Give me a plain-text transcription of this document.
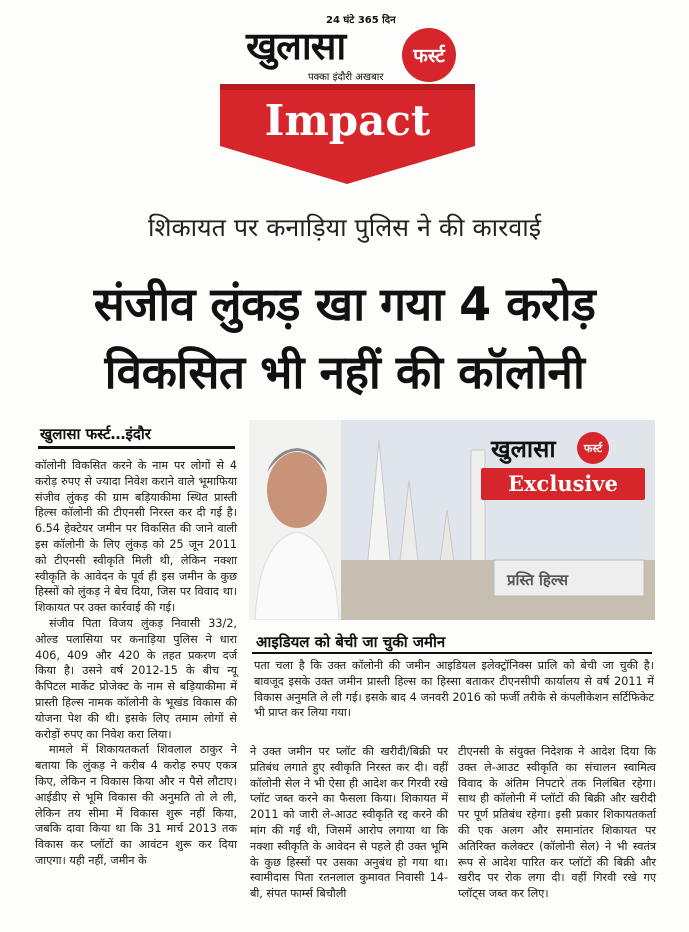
24 घंटे 365 दिन
खुलासा	फर्स्ट
पक्का इंदौरी अखबार
Impact
शिकायत पर कनाड़िया पुलिस ने की कारवाई
संजीव लुंकड़ खा गया 4 करोड़
विकसित भी नहीं की कॉलोनी
खुलासा फर्स्ट…इंदौर

कॉलोनी विकसित करने के नाम पर लोगों से 4 करोड़ रुपए से ज्यादा निवेश कराने वाले भूमाफिया संजीव लुंकड़ की ग्राम बड़ियाकीमा स्थित प्रास्ती हिल्स कॉलोनी की टीएनसी निरस्त कर दी गई है। 6.54 हेक्टेयर जमीन पर विकसित की जाने वाली इस कॉलोनी के लिए लुंकड़ को 25 जून 2011 को टीएनसी स्वीकृति मिली थी, लेकिन नक्शा स्वीकृति के आवेदन के पूर्व ही इस जमीन के कुछ हिस्सों को लुंकड़ ने बेच दिया, जिस पर विवाद था। शिकायत पर उक्त कार्रवाई की गई।

संजीव पिता विजय लुंकड़ निवासी 33/2, ओल्ड पलासिया पर कनाड़िया पुलिस ने धारा 406, 409 और 420 के तहत प्रकरण दर्ज किया है। उसने वर्ष 2012-15 के बीच न्यू कैपिटल मार्केट प्रोजेक्ट के नाम से बड़ियाकीमा में प्रास्ती हिल्स नामक कॉलोनी के भूखंड विकास की योजना पेश की थी। इसके लिए तमाम लोगों से करोड़ों रुपए का निवेश करा लिया।

मामले में शिकायतकर्ता शिवलाल ठाकुर ने बताया कि लुंकड़ ने करीब 4 करोड़ रुपए एकत्र किए, लेकिन न विकास किया और न पैसे लौटाए। आईडीए से भूमि विकास की अनुमति तो ले ली, लेकिन तय सीमा में विकास शुरू नहीं किया, जबकि दावा किया था कि 31 मार्च 2013 तक विकास कर प्लॉटों का आवंटन शुरू कर दिया जाएगा। यही नहीं, जमीन के

खुलासा	फर्स्ट
Exclusive
प्रस्ति हिल्स
आइडियल को बेची जा चुकी जमीन

पता चला है कि उक्त कॉलोनी की जमीन आइडियल इलेक्ट्रॉनिक्स प्रालि को बेची जा चुकी है। बावजूद इसके उक्त जमीन प्रास्ती हिल्स का हिस्सा बताकर टीएनसीपी कार्यालय से वर्ष 2011 में विकास अनुमति ले ली गई। इसके बाद 4 जनवरी 2016 को फर्जी तरीके से कंपलीकेशन सर्टिफिकेट भी प्राप्त कर लिया गया।

ने उक्त जमीन पर प्लॉट की खरीदी/बिक्री पर प्रतिबंध लगाते हुए स्वीकृति निरस्त कर दी। वहीं कॉलोनी सेल ने भी ऐसा ही आदेश कर गिरवी रखे प्लॉट जब्त करने का फैसला किया। शिकायत में 2011 को जारी ले-आउट स्वीकृति रद्द करने की मांग की गई थी, जिसमें आरोप लगाया था कि नक्शा स्वीकृति के आवेदन से पहले ही उक्त भूमि के कुछ हिस्सों पर उसका अनुबंध हो गया था। स्वामीदास पिता रतनलाल कुमावत निवासी 14-बी, संपत फार्म्स बिचौली

टीएनसी के संयुक्त निदेशक ने आदेश दिया कि उक्त ले-आउट स्वीकृति का संचालन स्वामित्व विवाद के अंतिम निपटारे तक निलंबित रहेगा। साथ ही कॉलोनी में प्लॉटों की बिक्री और खरीदी पर पूर्ण प्रतिबंध रहेगा। इसी प्रकार शिकायतकर्ता की एक अलग और समानांतर शिकायत पर अतिरिक्त कलेक्टर (कॉलोनी सेल) ने भी स्वतंत्र रूप से आदेश पारित कर प्लॉटों की बिक्री और खरीद पर रोक लगा दी। वहीं गिरवी रखे गए प्लॉट्स जब्त कर लिए।
